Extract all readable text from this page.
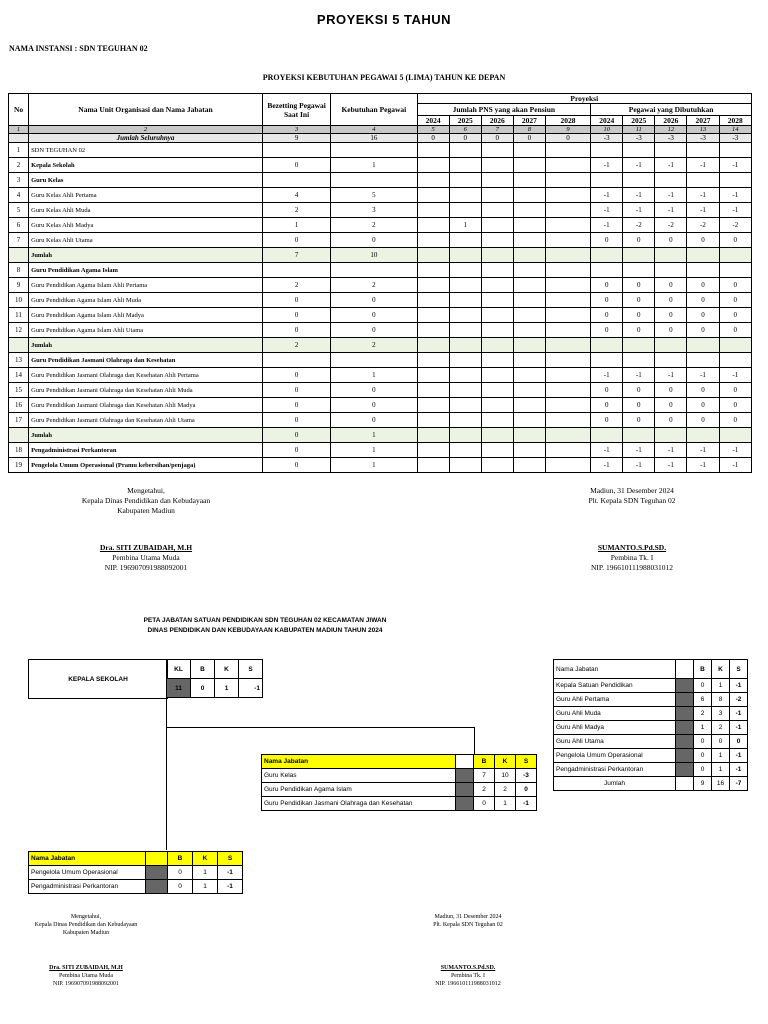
PROYEKSI 5 TAHUN
NAMA INSTANSI : SDN TEGUHAN 02
PROYEKSI KEBUTUHAN PEGAWAI 5 (LIMA) TAHUN KE DEPAN
No	Nama Unit Organisasi dan Nama Jabatan	Bezetting Pegawai Saat Ini	Kebutuhan Pegawai	Proyeksi									
				Jumlah PNS yang akan Pensiun					Pegawai yang Dibutuhkan				
				2024	2025	2026	2027	2028	2024	2025	2026	2027	2028
1	2	3	4	5	6	7	8	9	10	11	12	13	14
	Jumlah Seluruhnya	9	16	0	0	0	0	0	-3	-3	-3	-3	-3
1	SDN TEGUHAN 02												
2	Kepala Sekolah	0	1						-1	-1	-1	-1	-1
3	Guru Kelas												
4	Guru Kelas Ahli Pertama	4	5						-1	-1	-1	-1	-1
5	Guru Kelas Ahli Muda	2	3						-1	-1	-1	-1	-1
6	Guru Kelas Ahli Madya	1	2		1				-1	-2	-2	-2	-2
7	Guru Kelas Ahli Utama	0	0						0	0	0	0	0
	Jumlah	7	10										
8	Guru Pendidikan Agama Islam												
9	Guru Pendidikan Agama Islam Ahli Pertama	2	2						0	0	0	0	0
10	Guru Pendidikan Agama Islam Ahli Muda	0	0						0	0	0	0	0
11	Guru Pendidikan Agama Islam Ahli Madya	0	0						0	0	0	0	0
12	Guru Pendidikan Agama Islam Ahli Utama	0	0						0	0	0	0	0
	Jumlah	2	2										
13	Guru Pendidikan Jasmani Olahraga dan Kesehatan												
14	Guru Pendidikan Jasmani Olahraga dan Kesehatan Ahli Pertama	0	1						-1	-1	-1	-1	-1
15	Guru Pendidikan Jasmani Olahraga dan Kesehatan Ahli Muda	0	0						0	0	0	0	0
16	Guru Pendidikan Jasmani Olahraga dan Kesehatan Ahli Madya	0	0						0	0	0	0	0
17	Guru Pendidikan Jasmani Olahraga dan Kesehatan Ahli Utama	0	0						0	0	0	0	0
	Jumlah	0	1										
18	Pengadministrasi Perkantoran	0	1						-1	-1	-1	-1	-1
19	Pengelola Umum Operasional (Pramu kebersihan/penjaga)	0	1						-1	-1	-1	-1	-1
Mengetahui,
Kepala Dinas Pendidikan dan Kebudayaan
Kabupaten Madiun
Dra. SITI ZUBAIDAH, M.H
Pembina Utama Muda
NIP. 196907091988092001
Madiun, 31 Desember 2024
Plt. Kepala SDN Teguhan 02
SUMANTO.S.Pd.SD.
Pembina Tk. I
NIP. 196610111988031012
PETA JABATAN SATUAN PENDIDIKAN SDN TEGUHAN 02 KECAMATAN JIWAN
DINAS PENDIDIKAN DAN KEBUDAYAAN KABUPATEN MADIUN TAHUN 2024
KEPALA SEKOLAH
KL	B	K	S
11	0	1	-1
Nama Jabatan		B	K	S
Guru Kelas		7	10	-3
Guru Pendidikan Agama Islam		2	2	0
Guru Pendidikan Jasmani Olahraga dan Kesehatan		0	1	-1
Nama Jabatan		B	K	S
Pengelola Umum Operasional		0	1	-1
Pengadministrasi Perkantoran		0	1	-1
Nama Jabatan		B	K	S
Kepala Satuan Pendidikan		0	1	-1
Guru Ahli Pertama		6	8	-2
Guru Ahli Muda		2	3	-1
Guru Ahli Madya		1	2	-1
Guru Ahli Utama		0	0	0
Pengelola Umum Operasional		0	1	-1
Pengadministrasi Perkantoran		0	1	-1
Jumlah		9	16	-7
Mengetahui,
Kepala Dinas Pendidikan dan Kebudayaan
Kabupaten Madiun
Dra. SITI ZUBAIDAH, M.H
Pembina Utama Muda
NIP. 196907091988092001
Madiun, 31 Desember 2024
Plt. Kepala SDN Teguhan 02
SUMANTO.S.Pd.SD.
Pembina Tk. I
NIP. 196610111988031012
